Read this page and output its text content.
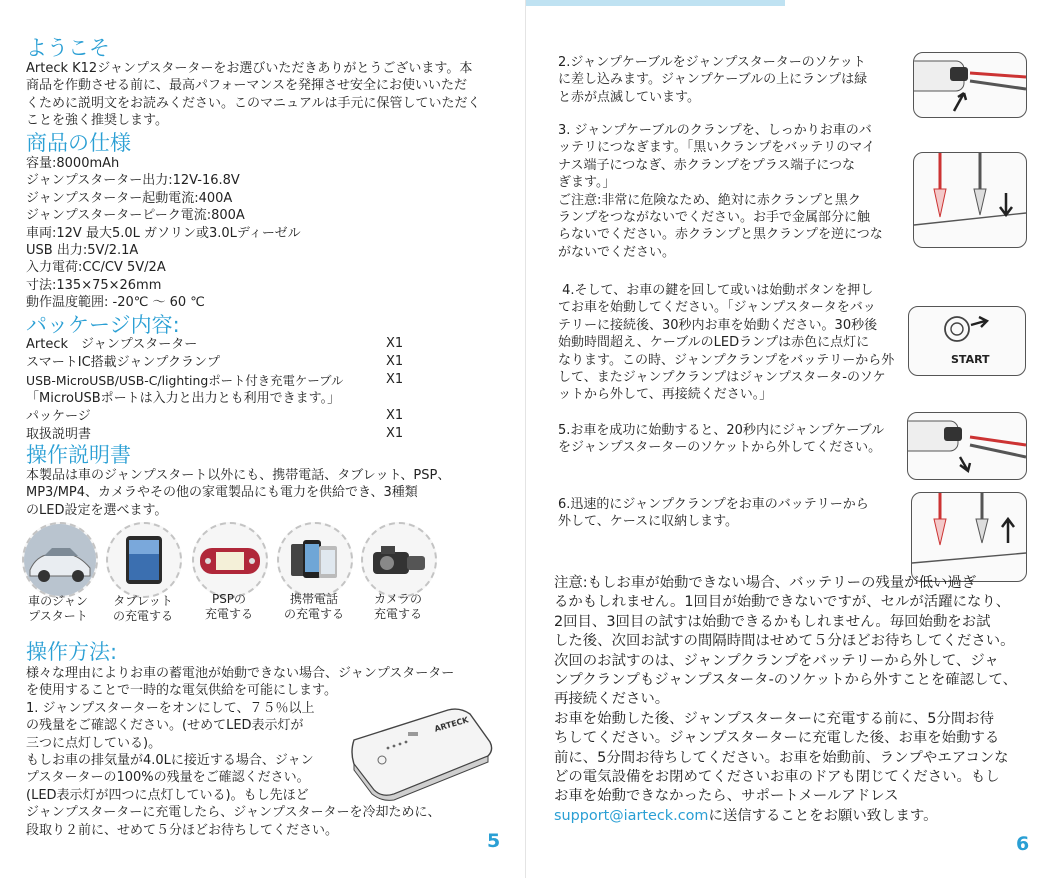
ようこそ

Arteck K12ジャンプスターターをお選びいただきありがとうございます。本
商品を作動させる前に、最高パフォーマンスを発揮させ安全にお使いいただ
くために説明文をお読みください。このマニュアルは手元に保管していただく
ことを強く推奨します。

商品の仕様

容量:8000mAh
ジャンプスターター出力:12V-16.8V
ジャンプスターター起動電流:400A
ジャンプスターターピーク電流:800A
車両:12V 最大5.0L ガソリン或3.0Lディーゼル
USB 出力:5V/2.1A
入力電荷:CC/CV 5V/2A
寸法:135×75×26mm
動作温度範囲: -20℃ ～ 60 ℃

パッケージ内容:
Arteck　ジャンプスターター	X1
スマートIC搭載ジャンプクランプ	X1
USB-MicroUSB/USB-C/lightingポート付き充電ケーブル	X1
「MicroUSBポートは入力と出力とも利用できます。」
パッケージ	X1
取扱説明書	X1
操作説明書

本製品は車のジャンプスタート以外にも、携帯電話、タブレット、PSP、
MP3/MP4、カメラやその他の家電製品にも電力を供給でき、3種類
のLED設定を選べます。

車のジャン
プスタート
タブレット
の充電する
PSPの
充電する
携帯電話
の充電する
カメラの
充電する
操作方法:

様々な理由によりお車の蓄電池が始動できない場合、ジャンプスターター
を使用することで一時的な電気供給を可能にします。
1. ジャンプスターターをオンにして、７５％以上
の残量をご確認ください。(せめてLED表示灯が
三つに点灯している)。
もしお車の排気量が4.0Lに接近する場合、ジャン
プスターターの100%の残量をご確認ください。
(LED表示灯が四つに点灯している)。もし先ほど
ジャンプスターターに充電したら、ジャンプスターターを冷却ために、
段取り２前に、せめて５分ほどお待ちしてください。

ARTECK
5

2.ジャンプケーブルをジャンプスターターのソケット
に差し込みます。ジャンプケーブルの上にランプは緑
と赤が点滅しています。

3. ジャンプケーブルのクランプを、しっかりお車のバ
ッテリにつなぎます。「黒いクランプをバッテリのマイ
ナス端子につなぎ、赤クランプをプラス端子につな
ぎます。」
ご注意:非常に危険なため、絶対に赤クランプと黒ク
ランプをつながないでください。お手で金属部分に触
らないでください。赤クランプと黒クランプを逆につな
がないでください。

4.そして、お車の鍵を回して或いは始動ボタンを押し
てお車を始動してください。「ジャンプスタータをバッ
テリーに接続後、30秒内お車を始動ください。30秒後
始動時間超え、ケーブルのLEDランプは赤色に点灯に
なります。この時、ジャンプクランプをバッテリーから外
して、またジャンプクランプはジャンプスタータ-のソケ
ットから外して、再接続ください。」

START

5.お車を成功に始動すると、20秒内にジャンプケーブル
をジャンプスターターのソケットから外してください。

6.迅速的にジャンプクランプをお車のバッテリーから
外して、ケースに収納します。

注意:もしお車が始動できない場合、バッテリーの残量が低い過ぎ
るかもしれません。1回目が始動できないですが、セルが活躍になり、
2回目、3回目の試すは始動できるかもしれません。毎回始動をお試
した後、次回お試すの間隔時間はせめて５分ほどお待ちしてください。
次回のお試すのは、ジャンプクランプをバッテリーから外して、ジャ
ンプクランプもジャンプスタータ-のソケットから外すことを確認して、
再接続ください。
お車を始動した後、ジャンプスターターに充電する前に、5分間お待
ちしてください。ジャンプスターターに充電した後、お車を始動する
前に、5分間お待ちしてください。お車を始動前、ランプやエアコンな
どの電気設備をお閉めてくださいお車のドアも閉じてください。もし
お車を始動できなかったら、サポートメールアドレス

support@iarteck.comに送信することをお願い致します。
6
